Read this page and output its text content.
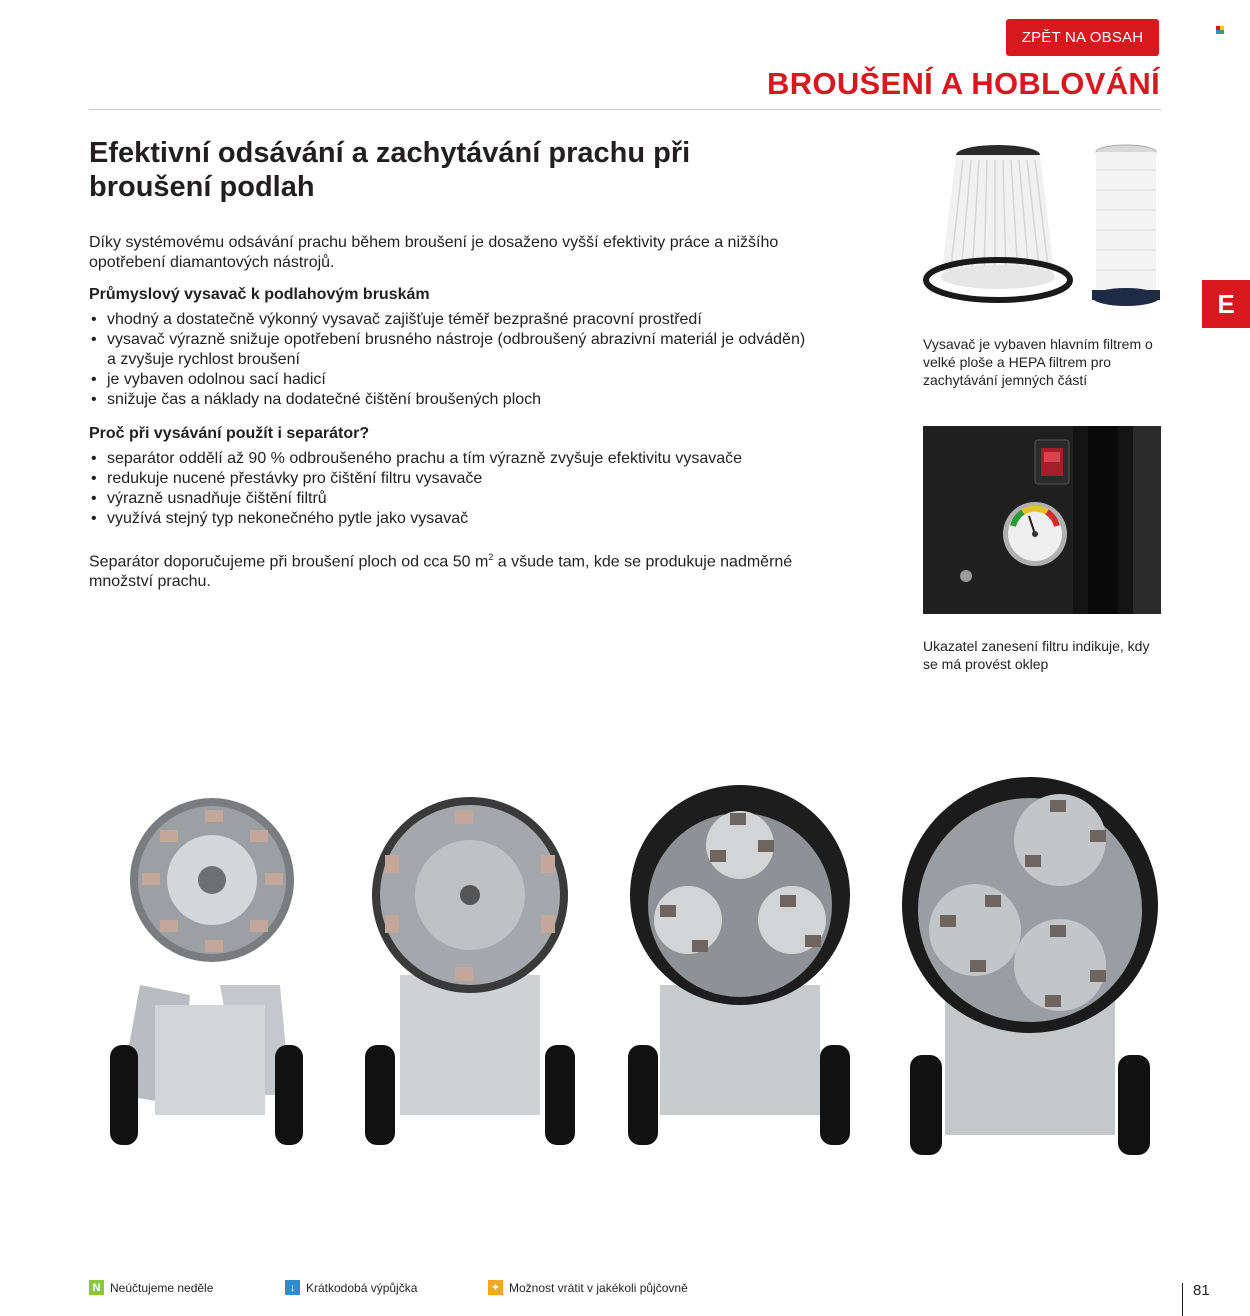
ZPĚT NA OBSAH
BROUŠENÍ A HOBLOVÁNÍ
E
Efektivní odsávání a zachytávání prachu při broušení podlah

Díky systémovému odsávání prachu během broušení je dosaženo vyšší efektivity práce a nižšího opotřebení diamantových nástrojů.

Průmyslový vysavač k podlahovým bruskám
• vhodný a dostatečně výkonný vysavač zajišťuje téměř bezprašné pracovní prostředí
• vysavač výrazně snižuje opotřebení brusného nástroje (odbroušený abrazivní materiál je odváděn) a zvyšuje rychlost broušení
• je vybaven odolnou sací hadicí
• snižuje čas a náklady na dodatečné čištění broušených ploch
Proč při vysávání použít i separátor?
• separátor oddělí až 90 % odbroušeného prachu a tím výrazně zvyšuje efektivitu vysavače
• redukuje nucené přestávky pro čištění filtru vysavače
• výrazně usnadňuje čištění filtrů
• využívá stejný typ nekonečného pytle jako vysavač

Separátor doporučujeme při broušení ploch od cca 50 $m^2$ a všude tam, kde se produkuje nadměrné množství prachu.

Vysavač je vybaven hlavním filtrem o velké ploše a HEPA filtrem pro zachytávání jemných částí
Ukazatel zanesení filtru indikuje, kdy se má provést oklep
N Neúčtujeme neděle	↓ Krátkodobá výpůjčka	✦ Možnost vrátit v jakékoli půjčovně	81
